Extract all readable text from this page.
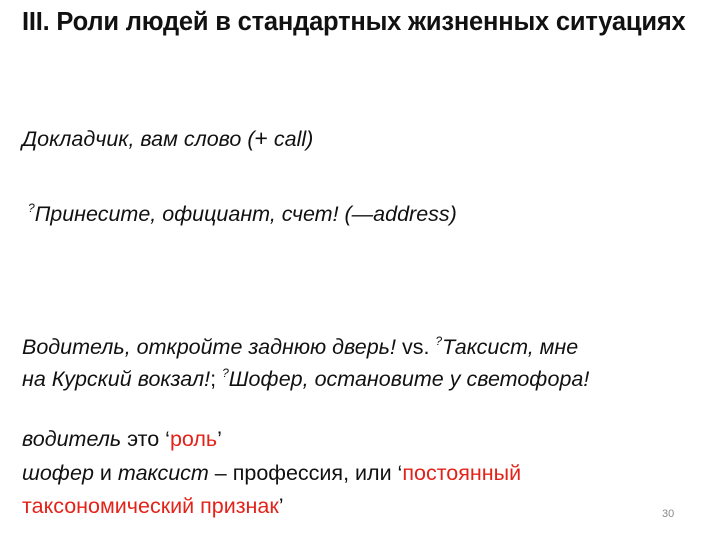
III. Роли людей в стандартных жизненных ситуациях
Докладчик, вам слово (+ call)
?Принесите, официант, счет! (—address)
Водитель, откройте заднюю дверь! vs. ?Таксист, мне
на Курский вокзал!; ?Шофер, остановите у светофора!
водитель это ‘роль’
шофер и таксист – профессия, или ‘постоянный
таксономический признак’	30
